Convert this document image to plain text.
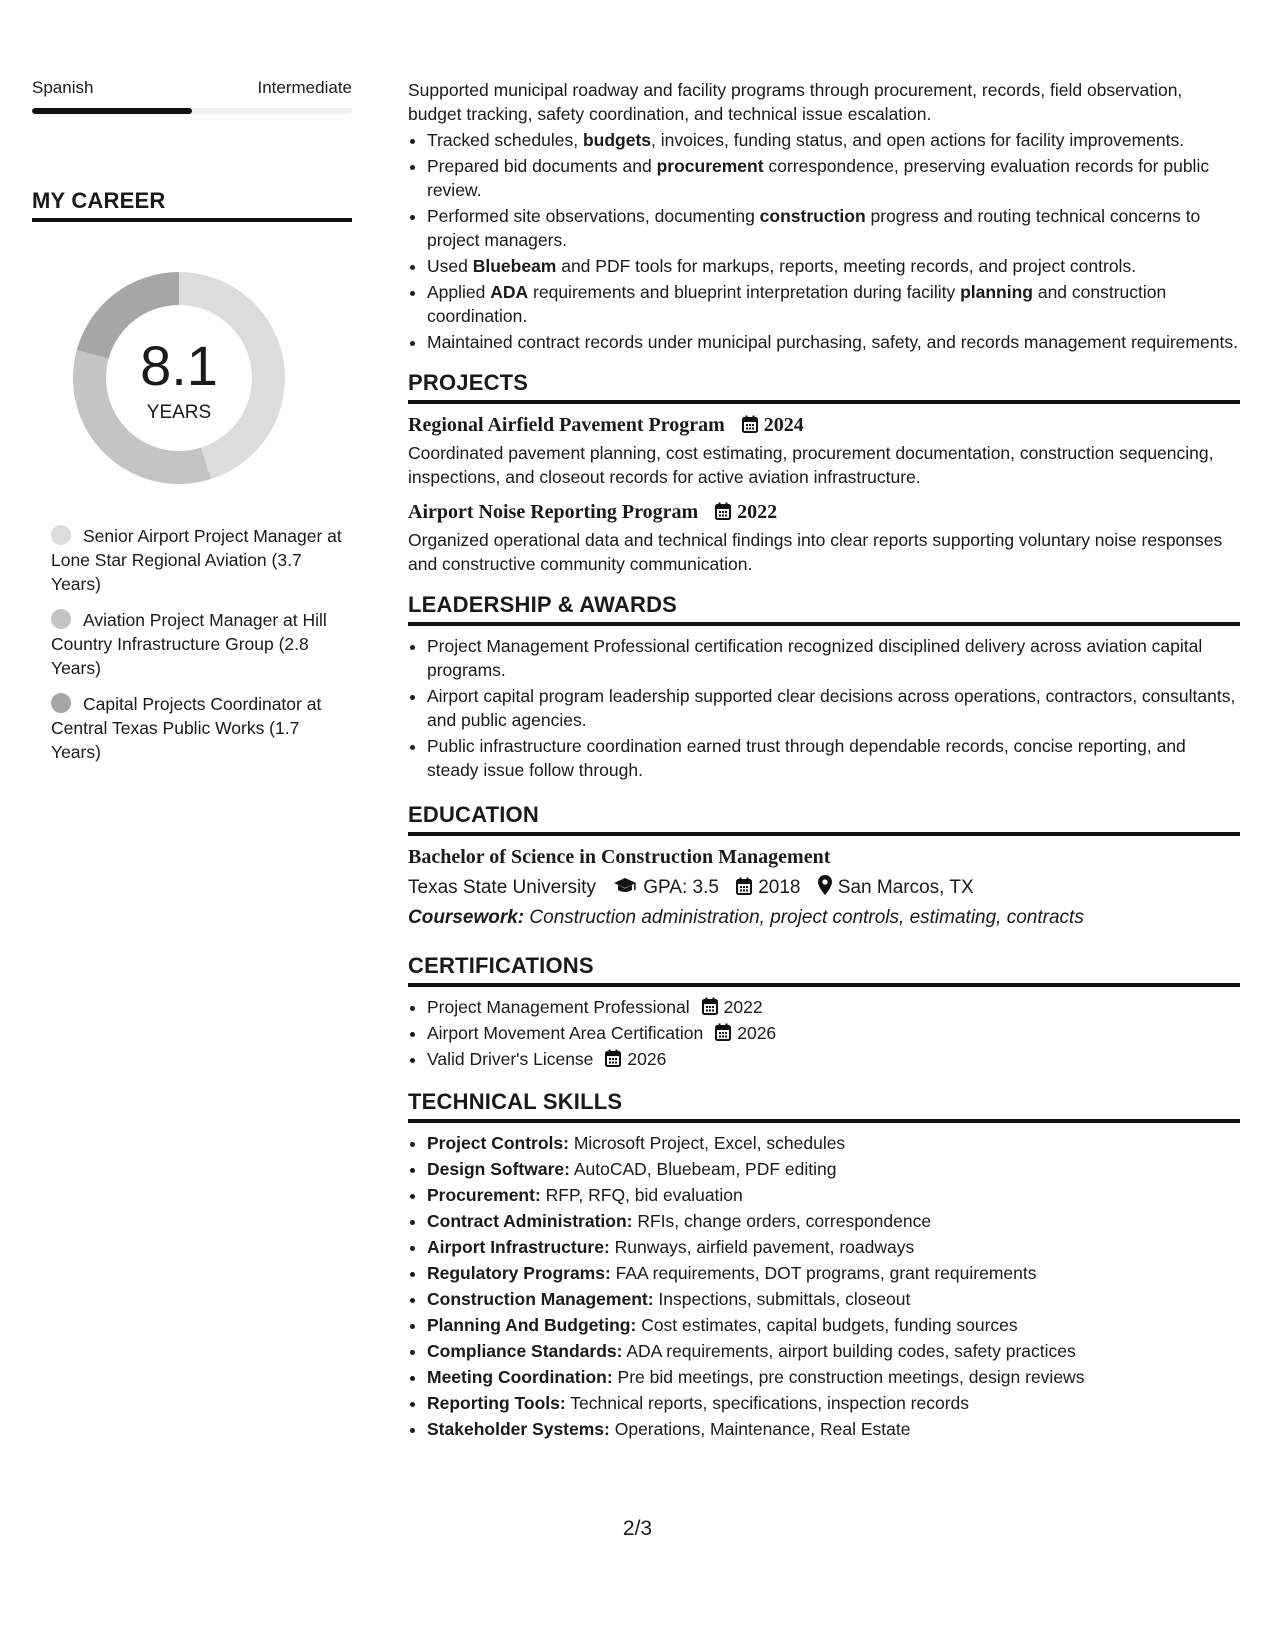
Spanish	Intermediate
MY CAREER
8.1
YEARS
Senior Airport Project Manager at Lone Star Regional Aviation (3.7 Years)
Aviation Project Manager at Hill Country Infrastructure Group (2.8 Years)
Capital Projects Coordinator at Central Texas Public Works (1.7 Years)
Supported municipal roadway and facility programs through procurement, records, field observation, budget tracking, safety coordination, and technical issue escalation.
• Tracked schedules, budgets, invoices, funding status, and open actions for facility improvements.
• Prepared bid documents and procurement correspondence, preserving evaluation records for public review.
• Performed site observations, documenting construction progress and routing technical concerns to project managers.
• Used Bluebeam and PDF tools for markups, reports, meeting records, and project controls.
• Applied ADA requirements and blueprint interpretation during facility planning and construction coordination.
• Maintained contract records under municipal purchasing, safety, and records management requirements.
PROJECTS
Regional Airfield Pavement Program 2024
Coordinated pavement planning, cost estimating, procurement documentation, construction sequencing, inspections, and closeout records for active aviation infrastructure.
Airport Noise Reporting Program 2022
Organized operational data and technical findings into clear reports supporting voluntary noise responses and constructive community communication.
LEADERSHIP & AWARDS
• Project Management Professional certification recognized disciplined delivery across aviation capital programs.
• Airport capital program leadership supported clear decisions across operations, contractors, consultants, and public agencies.
• Public infrastructure coordination earned trust through dependable records, concise reporting, and steady issue follow through.
EDUCATION
Bachelor of Science in Construction Management
Texas State University GPA: 3.5 2018 San Marcos, TX
Coursework: Construction administration, project controls, estimating, contracts
CERTIFICATIONS
• Project Management Professional 2022
• Airport Movement Area Certification 2026
• Valid Driver's License 2026
TECHNICAL SKILLS
• Project Controls: Microsoft Project, Excel, schedules
• Design Software: AutoCAD, Bluebeam, PDF editing
• Procurement: RFP, RFQ, bid evaluation
• Contract Administration: RFIs, change orders, correspondence
• Airport Infrastructure: Runways, airfield pavement, roadways
• Regulatory Programs: FAA requirements, DOT programs, grant requirements
• Construction Management: Inspections, submittals, closeout
• Planning And Budgeting: Cost estimates, capital budgets, funding sources
• Compliance Standards: ADA requirements, airport building codes, safety practices
• Meeting Coordination: Pre bid meetings, pre construction meetings, design reviews
• Reporting Tools: Technical reports, specifications, inspection records
• Stakeholder Systems: Operations, Maintenance, Real Estate
2/3
